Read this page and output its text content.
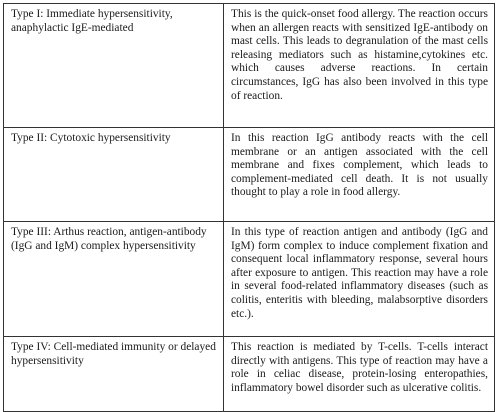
Type I: Immediate hypersensitivity, anaphylactic IgE-mediated	This is the quick-onset food allergy. The reaction occurs when an allergen reacts with sensitized IgE-antibody on mast cells. This leads to degranulation of the mast cells releasing mediators such as histamine,cytokines etc. which causes adverse reactions. In certain circumstances, IgG has also been involved in this type of reaction.
Type II: Cytotoxic hypersensitivity	In this reaction IgG antibody reacts with the cell membrane or an antigen associated with the cell membrane and fixes complement, which leads to complement-mediated cell death. It is not usually thought to play a role in food allergy.
Type III: Arthus reaction, antigen-antibody (IgG and IgM) complex hypersensitivity	In this type of reaction antigen and antibody (IgG and IgM) form complex to induce complement fixation and consequent local inflammatory response, several hours after exposure to antigen. This reaction may have a role in several food-related inflammatory diseases (such as colitis, enteritis with bleeding, malabsorptive disorders etc.).
Type IV: Cell-mediated immunity or delayed hypersensitivity	This reaction is mediated by T-cells. T-cells interact directly with antigens. This type of reaction may have a role in celiac disease, protein-losing enteropathies, inflammatory bowel disorder such as ulcerative colitis.
